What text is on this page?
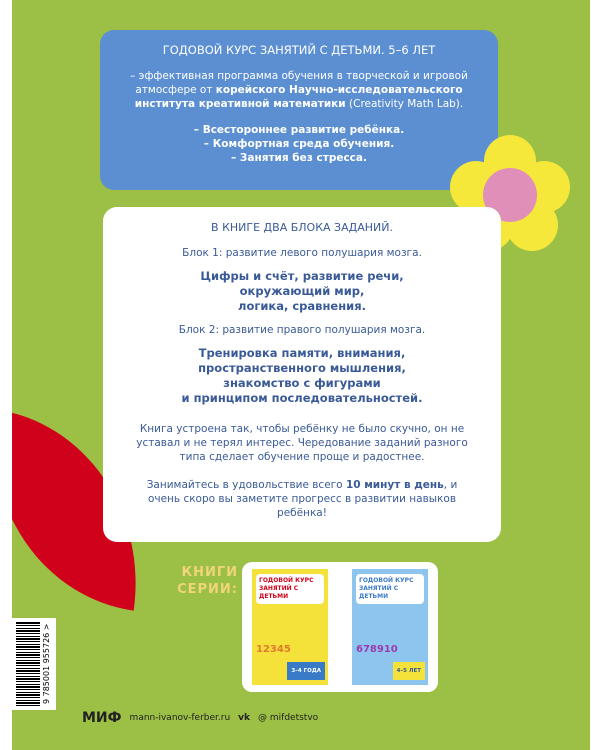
ГОДОВОЙ КУРС ЗАНЯТИЙ С ДЕТЬМИ. 5–6 ЛЕТ

– эффективная программа обучения в творческой и игровой атмосфере от корейского Научно-исследовательского института креативной математики (Creativity Math Lab).

– Всестороннее развитие ребёнка.
– Комфортная среда обучения.
– Занятия без стресса.

В КНИГЕ ДВА БЛОКА ЗАДАНИЙ.

Блок 1: развитие левого полушария мозга.

Цифры и счёт, развитие речи,
окружающий мир,
логика, сравнения.

Блок 2: развитие правого полушария мозга.

Тренировка памяти, внимания,
пространственного мышления,
знакомство с фигурами
и принципом последовательностей.

Книга устроена так, чтобы ребёнку не было скучно, он не уставал и не терял интерес. Чередование заданий разного типа сделает обучение проще и радостнее.

Занимайтесь в удовольствие всего 10 минут в день, и очень скоро вы заметите прогресс в развитии навыков ребёнка!

КНИГИ
СЕРИИ:
ГОДОВОЙ КУРС ЗАНЯТИЙ С ДЕТЬМИ
12345
3–4 ГОДА
ГОДОВОЙ КУРС ЗАНЯТИЙ С ДЕТЬМИ
678910
4–5 ЛЕТ
9 785001 955726 >
МИФ mann-ivanov-ferber.ru vk @ mifdetstvo
